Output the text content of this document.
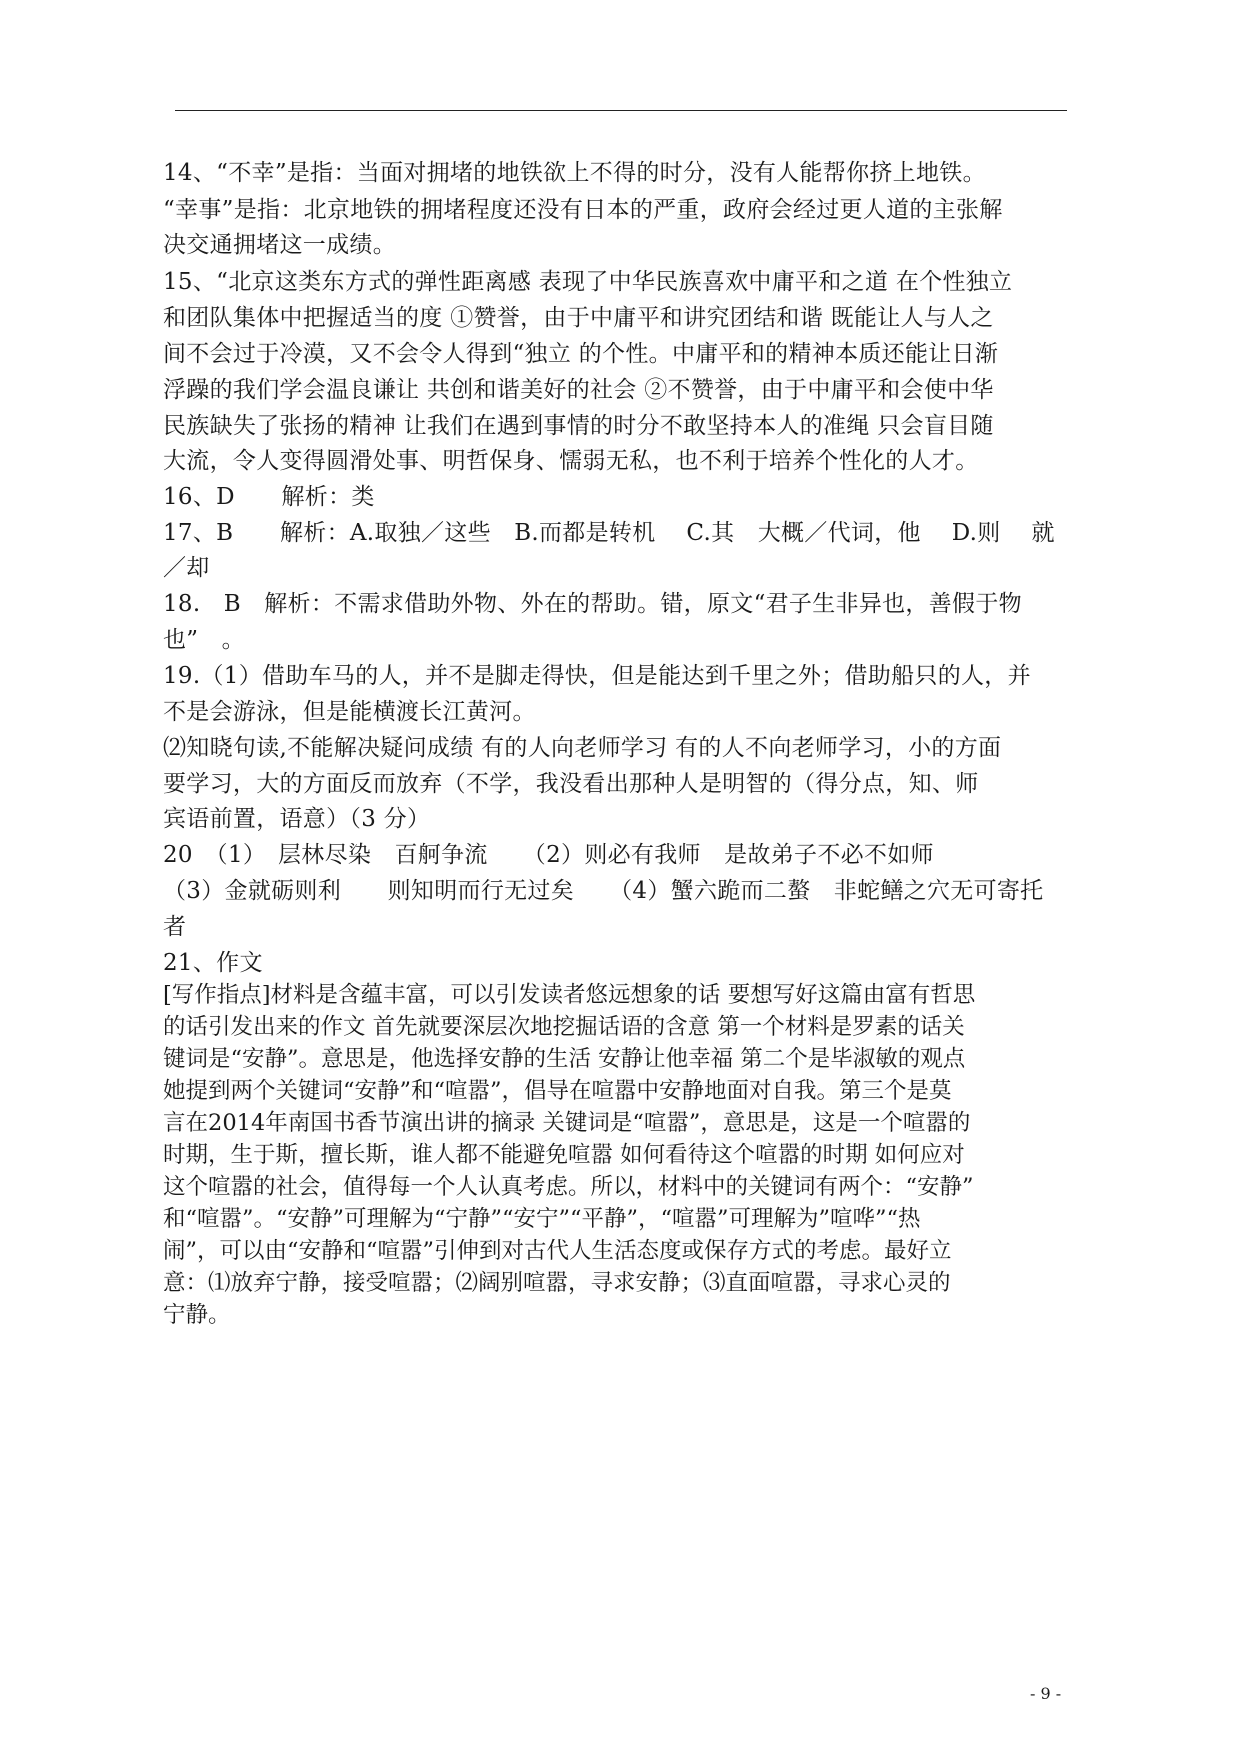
14、“不幸”是指：当面对拥堵的地铁欲上不得的时分，没有人能帮你挤上地铁。
“幸事”是指：北京地铁的拥堵程度还没有日本的严重，政府会经过更人道的主张解
决交通拥堵这一成绩。
15、“北京这类东方式的弹性距离感 表现了中华民族喜欢中庸平和之道 在个性独立
和团队集体中把握适当的度 ①赞誉，由于中庸平和讲究团结和谐 既能让人与人之
间不会过于冷漠，又不会令人得到“独立 的个性。中庸平和的精神本质还能让日渐
浮躁的我们学会温良谦让 共创和谐美好的社会 ②不赞誉，由于中庸平和会使中华
民族缺失了张扬的精神 让我们在遇到事情的时分不敢坚持本人的准绳 只会盲目随
大流，令人变得圆滑处事、明哲保身、懦弱无私，也不利于培养个性化的人才。
16、D　　解析：类
17、B　　解析：A.取独／这些　B.而都是转机　 C.其　大概／代词，他　 D.则　 就
／却
18.　B　解析：不需求借助外物、外在的帮助。错，原文“君子生非异也，善假于物
也”　。
19.（1）借助车马的人，并不是脚走得快，但是能达到千里之外；借助船只的人，并
不是会游泳，但是能横渡长江黄河。
⑵知晓句读,不能解决疑问成绩 有的人向老师学习 有的人不向老师学习，小的方面
要学习，大的方面反而放弃（不学，我没看出那种人是明智的（得分点，知、师
宾语前置，语意）（3 分）
20　（1）　层林尽染　百舸争流　　（2）则必有我师　是故弟子不必不如师
（3）金就砺则利　　则知明而行无过矣　　（4）蟹六跪而二螯　非蛇鳝之穴无可寄托
者
21、作文
[写作指点]材料是含蕴丰富，可以引发读者悠远想象的话 要想写好这篇由富有哲思
的话引发出来的作文 首先就要深层次地挖掘话语的含意 第一个材料是罗素的话关
键词是“安静”。意思是，他选择安静的生活 安静让他幸福 第二个是毕淑敏的观点
她提到两个关键词“安静”和“喧嚣”，倡导在喧嚣中安静地面对自我。第三个是莫
言在2014年南国书香节演出讲的摘录 关键词是“喧嚣”，意思是，这是一个喧嚣的
时期，生于斯，擅长斯，谁人都不能避免喧嚣 如何看待这个喧嚣的时期 如何应对
这个喧嚣的社会，值得每一个人认真考虑。所以，材料中的关键词有两个：“安静”
和“喧嚣”。“安静”可理解为“宁静”“安宁”“平静”，“喧嚣”可理解为”喧哗”“热
闹”，可以由“安静和“喧嚣”引伸到对古代人生活态度或保存方式的考虑。最好立
意：⑴放弃宁静，接受喧嚣；⑵阔别喧嚣，寻求安静；⑶直面喧嚣，寻求心灵的
宁静。
- 9 -
